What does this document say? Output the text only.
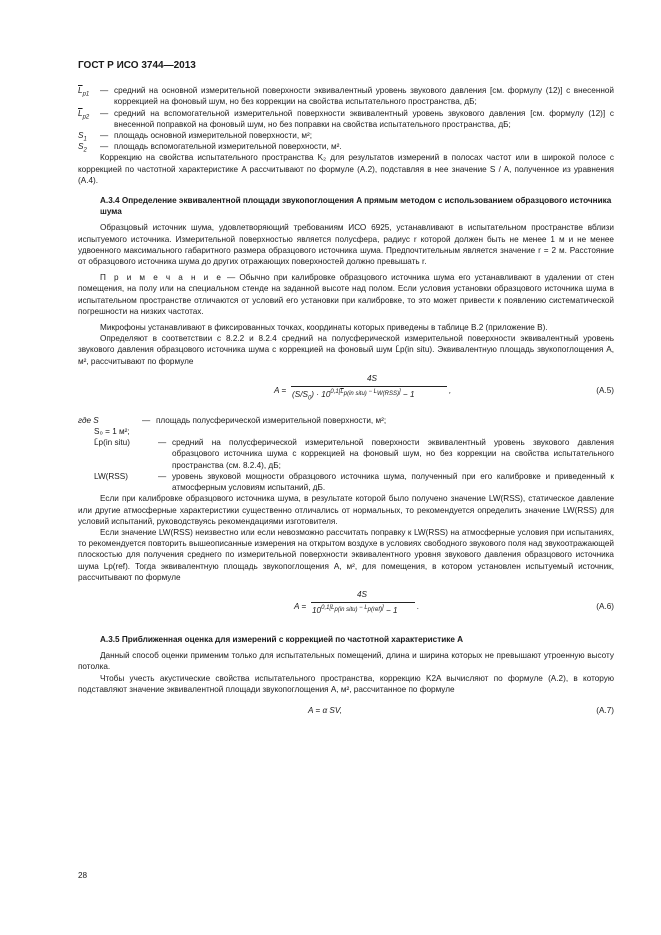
ГОСТ Р ИСО 3744—2013
$\overline{L}_{p1}$	— средний на основной измерительной поверхности эквивалентный уровень звукового давления [см. формулу (12)] с внесенной коррекцией на фоновый шум, но без коррекции на свойства испытательного пространства, дБ;
$\overline{L}_{p2}$	— средний на вспомогательной измерительной поверхности эквивалентный уровень звукового давления [см. формулу (12)] с внесенной поправкой на фоновый шум, но без поправки на свойства испытательного пространства, дБ;
$S_1$	— площадь основной измерительной поверхности, м²;
$S_2$	— площадь вспомогательной измерительной поверхности, м².

Коррекцию на свойства испытательного пространства K₂ для результатов измерений в полосах частот или в широкой полосе с коррекцией по частотной характеристике A рассчитывают по формуле (A.2), подставляя в нее значение S / A, полученное из уравнения (A.4).

A.3.4 Определение эквивалентной площади звукопоглощения A прямым методом с использованием образцового источника шума

Образцовый источник шума, удовлетворяющий требованиям ИСО 6925, устанавливают в испытательном пространстве вблизи испытуемого источника. Измерительной поверхностью является полусфера, радиус r которой должен быть не менее 1 м и не менее удвоенного максимального габаритного размера образцового источника шума. Предпочтительным является значение r = 2 м. Расстояние от образцового источника шума до других отражающих поверхностей должно превышать r.

П р и м е ч а н и е — Обычно при калибровке образцового источника шума его устанавливают в удалении от стен помещения, на полу или на специальном стенде на заданной высоте над полом. Если условия установки образцового источника шума в испытательном пространстве отличаются от условий его установки при калибровке, то это может привести к появлению систематической погрешности на низких частотах.

Микрофоны устанавливают в фиксированных точках, координаты которых приведены в таблице В.2 (приложение В).

Определяют в соответствии с 8.2.2 и 8.2.4 средний на полусферической измерительной поверхности эквивалентный уровень звукового давления образцового источника шума с коррекцией на фоновый шум L̄p(in situ). Эквивалентную площадь звукопоглощения A, м², рассчитывают по формуле

A =
4S
$(S/S_0) \cdot 10^{0,1[\overline{L}_{p(in situ)} - L_{W(RSS)}]} - 1$	,	(A.5)
где S	— площадь полусферической измерительной поверхности, м²;
S₀ = 1 м²;
L̄p(in situ)	— средний на полусферической измерительной поверхности эквивалентный уровень звукового давления образцового источника шума с коррекцией на фоновый шум, но без коррекции на свойства испытательного пространства (см. 8.2.4), дБ;
LW(RSS)	— уровень звуковой мощности образцового источника шума, полученный при его калибровке и приведенный к атмосферным условиям испытаний, дБ.

Если при калибровке образцового источника шума, в результате которой было получено значение LW(RSS), статическое давление или другие атмосферные характеристики существенно отличались от нормальных, то рекомендуется определить значение LW(RSS) для условий испытаний, руководствуясь рекомендациями изготовителя.

Если значение LW(RSS) неизвестно или если невозможно рассчитать поправку к LW(RSS) на атмосферные условия при испытаниях, то рекомендуется повторить вышеописанные измерения на открытом воздухе в условиях свободного звукового поля над звукоотражающей плоскостью для получения среднего по измерительной поверхности эквивалентного уровня звукового давления образцового источника шума Lp(ref). Тогда эквивалентную площадь звукопоглощения A, м², для помещения, в котором установлен испытуемый источник, рассчитывают по формуле

A =
4S
$10^{0,1[L_{p(in situ)} - L_{p(ref)}]} - 1$ .	(A.6)
A.3.5 Приближенная оценка для измерений с коррекцией по частотной характеристике A

Данный способ оценки применим только для испытательных помещений, длина и ширина которых не превышают утроенную высоту потолка.

Чтобы учесть акустические свойства испытательного пространства, коррекцию K2A вычисляют по формуле (A.2), в которую подставляют значение эквивалентной площади звукопоглощения A, м², рассчитанное по формуле

A = α SV,	(A.7)
28
